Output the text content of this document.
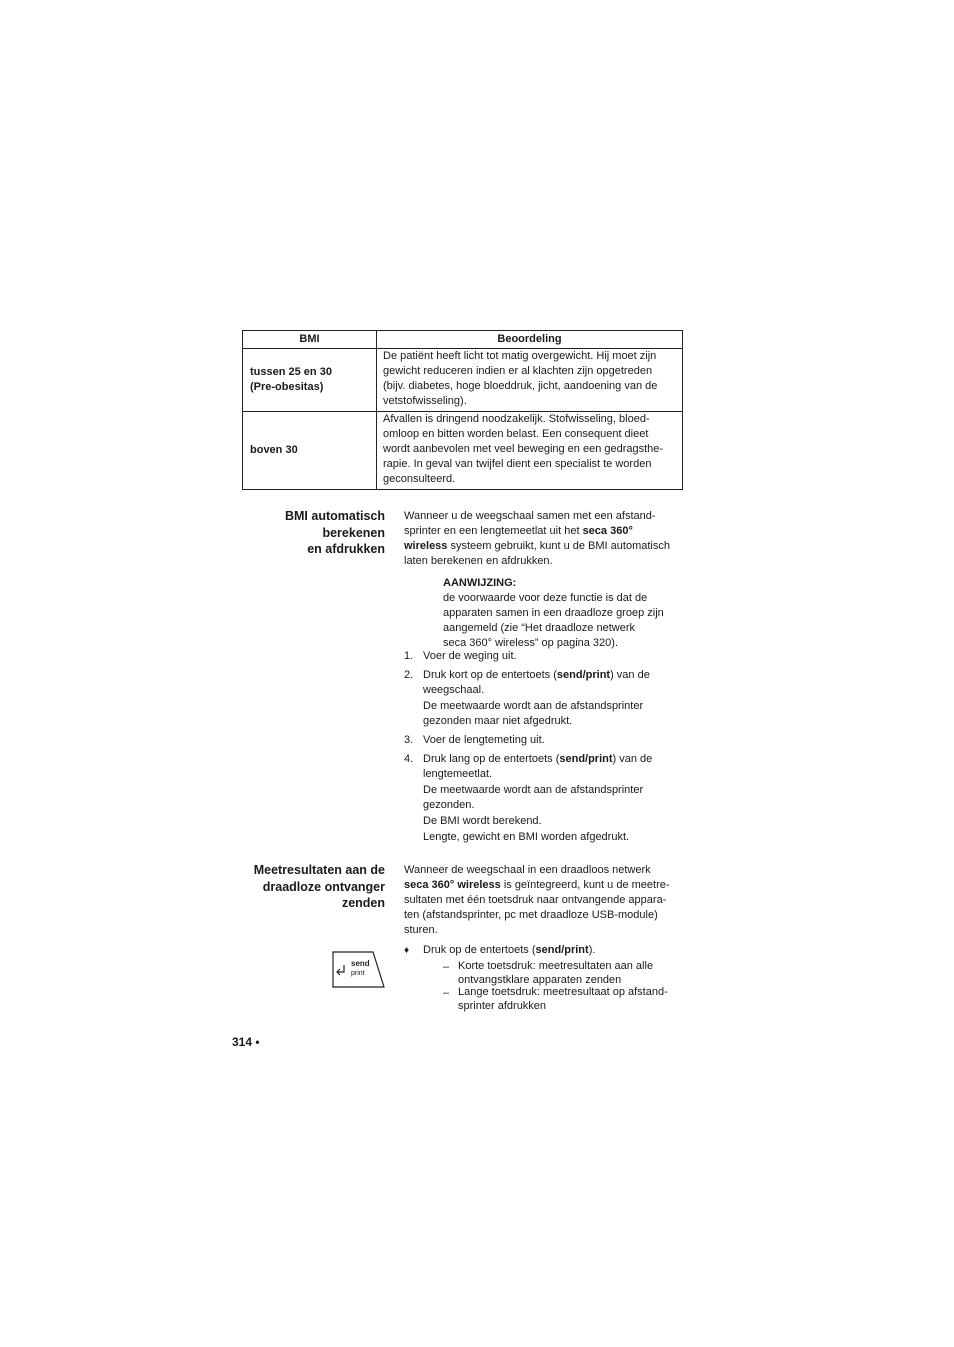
BMI	Beoordeling

tussen 25 en 30
(Pre-obesitas)	De patiënt heeft licht tot matig overgewicht. Hij moet zijn
gewicht reduceren indien er al klachten zijn opgetreden
(bijv. diabetes, hoge bloeddruk, jicht, aandoening van de
vetstofwisseling).

boven 30	Afvallen is dringend noodzakelijk. Stofwisseling, bloed-
omloop en bitten worden belast. Een consequent dieet
wordt aanbevolen met veel beweging en een gedragsthe-
rapie. In geval van twijfel dient een specialist te worden
geconsulteerd.
BMI automatisch
berekenen
en afdrukken
Wanneer u de weegschaal samen met een afstand-
sprinter en een lengtemeetlat uit het seca 360°
wireless systeem gebruikt, kunt u de BMI automatisch
laten berekenen en afdrukken.
AANWIJZING:
de voorwaarde voor deze functie is dat de
apparaten samen in een draadloze groep zijn
aangemeld (zie “Het draadloze netwerk
seca 360° wireless” op pagina 320).
1. Voer de weging uit.
2. Druk kort op de entertoets (send/print) van de
weegschaal.
De meetwaarde wordt aan de afstandsprinter
gezonden maar niet afgedrukt.
3. Voer de lengtemeting uit.
4. Druk lang op de entertoets (send/print) van de
lengtemeetlat.
De meetwaarde wordt aan de afstandsprinter
gezonden.
De BMI wordt berekend.
Lengte, gewicht en BMI worden afgedrukt.
Meetresultaten aan de
draadloze ontvanger
zenden
Wanneer de weegschaal in een draadloos netwerk
seca 360° wireless is geïntegreerd, kunt u de meetre-
sultaten met één toetsdruk naar ontvangende appara-
ten (afstandsprinter, pc met draadloze USB-module)
sturen.
send
print
♦ Druk op de entertoets (send/print).
– Korte toetsdruk: meetresultaten aan alle
ontvangstklare apparaten zenden
– Lange toetsdruk: meetresultaat op afstand-
sprinter afdrukken
314 •
